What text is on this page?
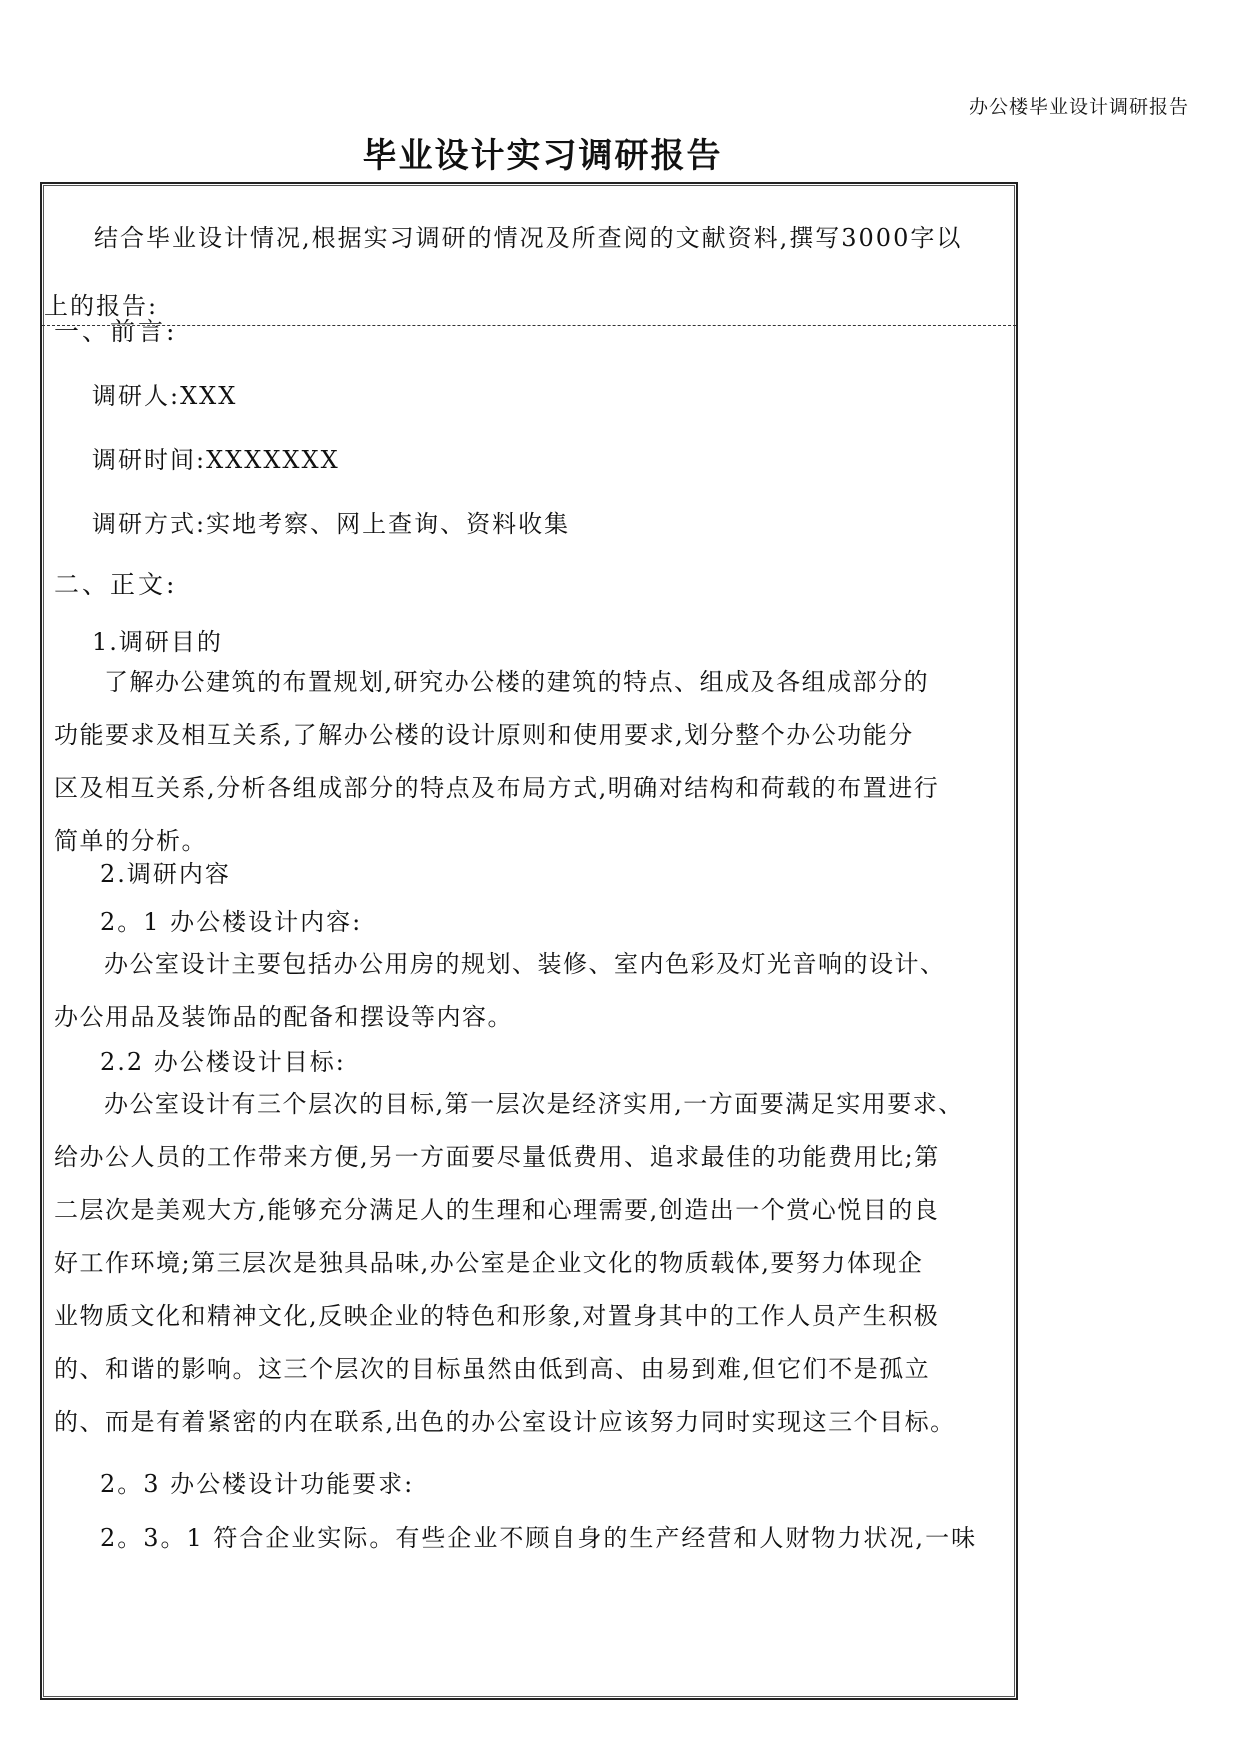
办公楼毕业设计调研报告
毕业设计实习调研报告
结合毕业设计情况,根据实习调研的情况及所查阅的文献资料,撰写3000字以
上的报告:
一、前言:
调研人:XXX
调研时间:XXXXXXX
调研方式:实地考察、网上查询、资料收集
二、正文:
1.调研目的
了解办公建筑的布置规划,研究办公楼的建筑的特点、组成及各组成部分的
功能要求及相互关系,了解办公楼的设计原则和使用要求,划分整个办公功能分
区及相互关系,分析各组成部分的特点及布局方式,明确对结构和荷载的布置进行
简单的分析。
2.调研内容
2。1 办公楼设计内容:
办公室设计主要包括办公用房的规划、装修、室内色彩及灯光音响的设计、
办公用品及装饰品的配备和摆设等内容。
2.2 办公楼设计目标:
办公室设计有三个层次的目标,第一层次是经济实用,一方面要满足实用要求、
给办公人员的工作带来方便,另一方面要尽量低费用、追求最佳的功能费用比;第
二层次是美观大方,能够充分满足人的生理和心理需要,创造出一个赏心悦目的良
好工作环境;第三层次是独具品味,办公室是企业文化的物质载体,要努力体现企
业物质文化和精神文化,反映企业的特色和形象,对置身其中的工作人员产生积极
的、和谐的影响。这三个层次的目标虽然由低到高、由易到难,但它们不是孤立
的、而是有着紧密的内在联系,出色的办公室设计应该努力同时实现这三个目标。
2。3 办公楼设计功能要求:
2。3。1 符合企业实际。有些企业不顾自身的生产经营和人财物力状况,一味
